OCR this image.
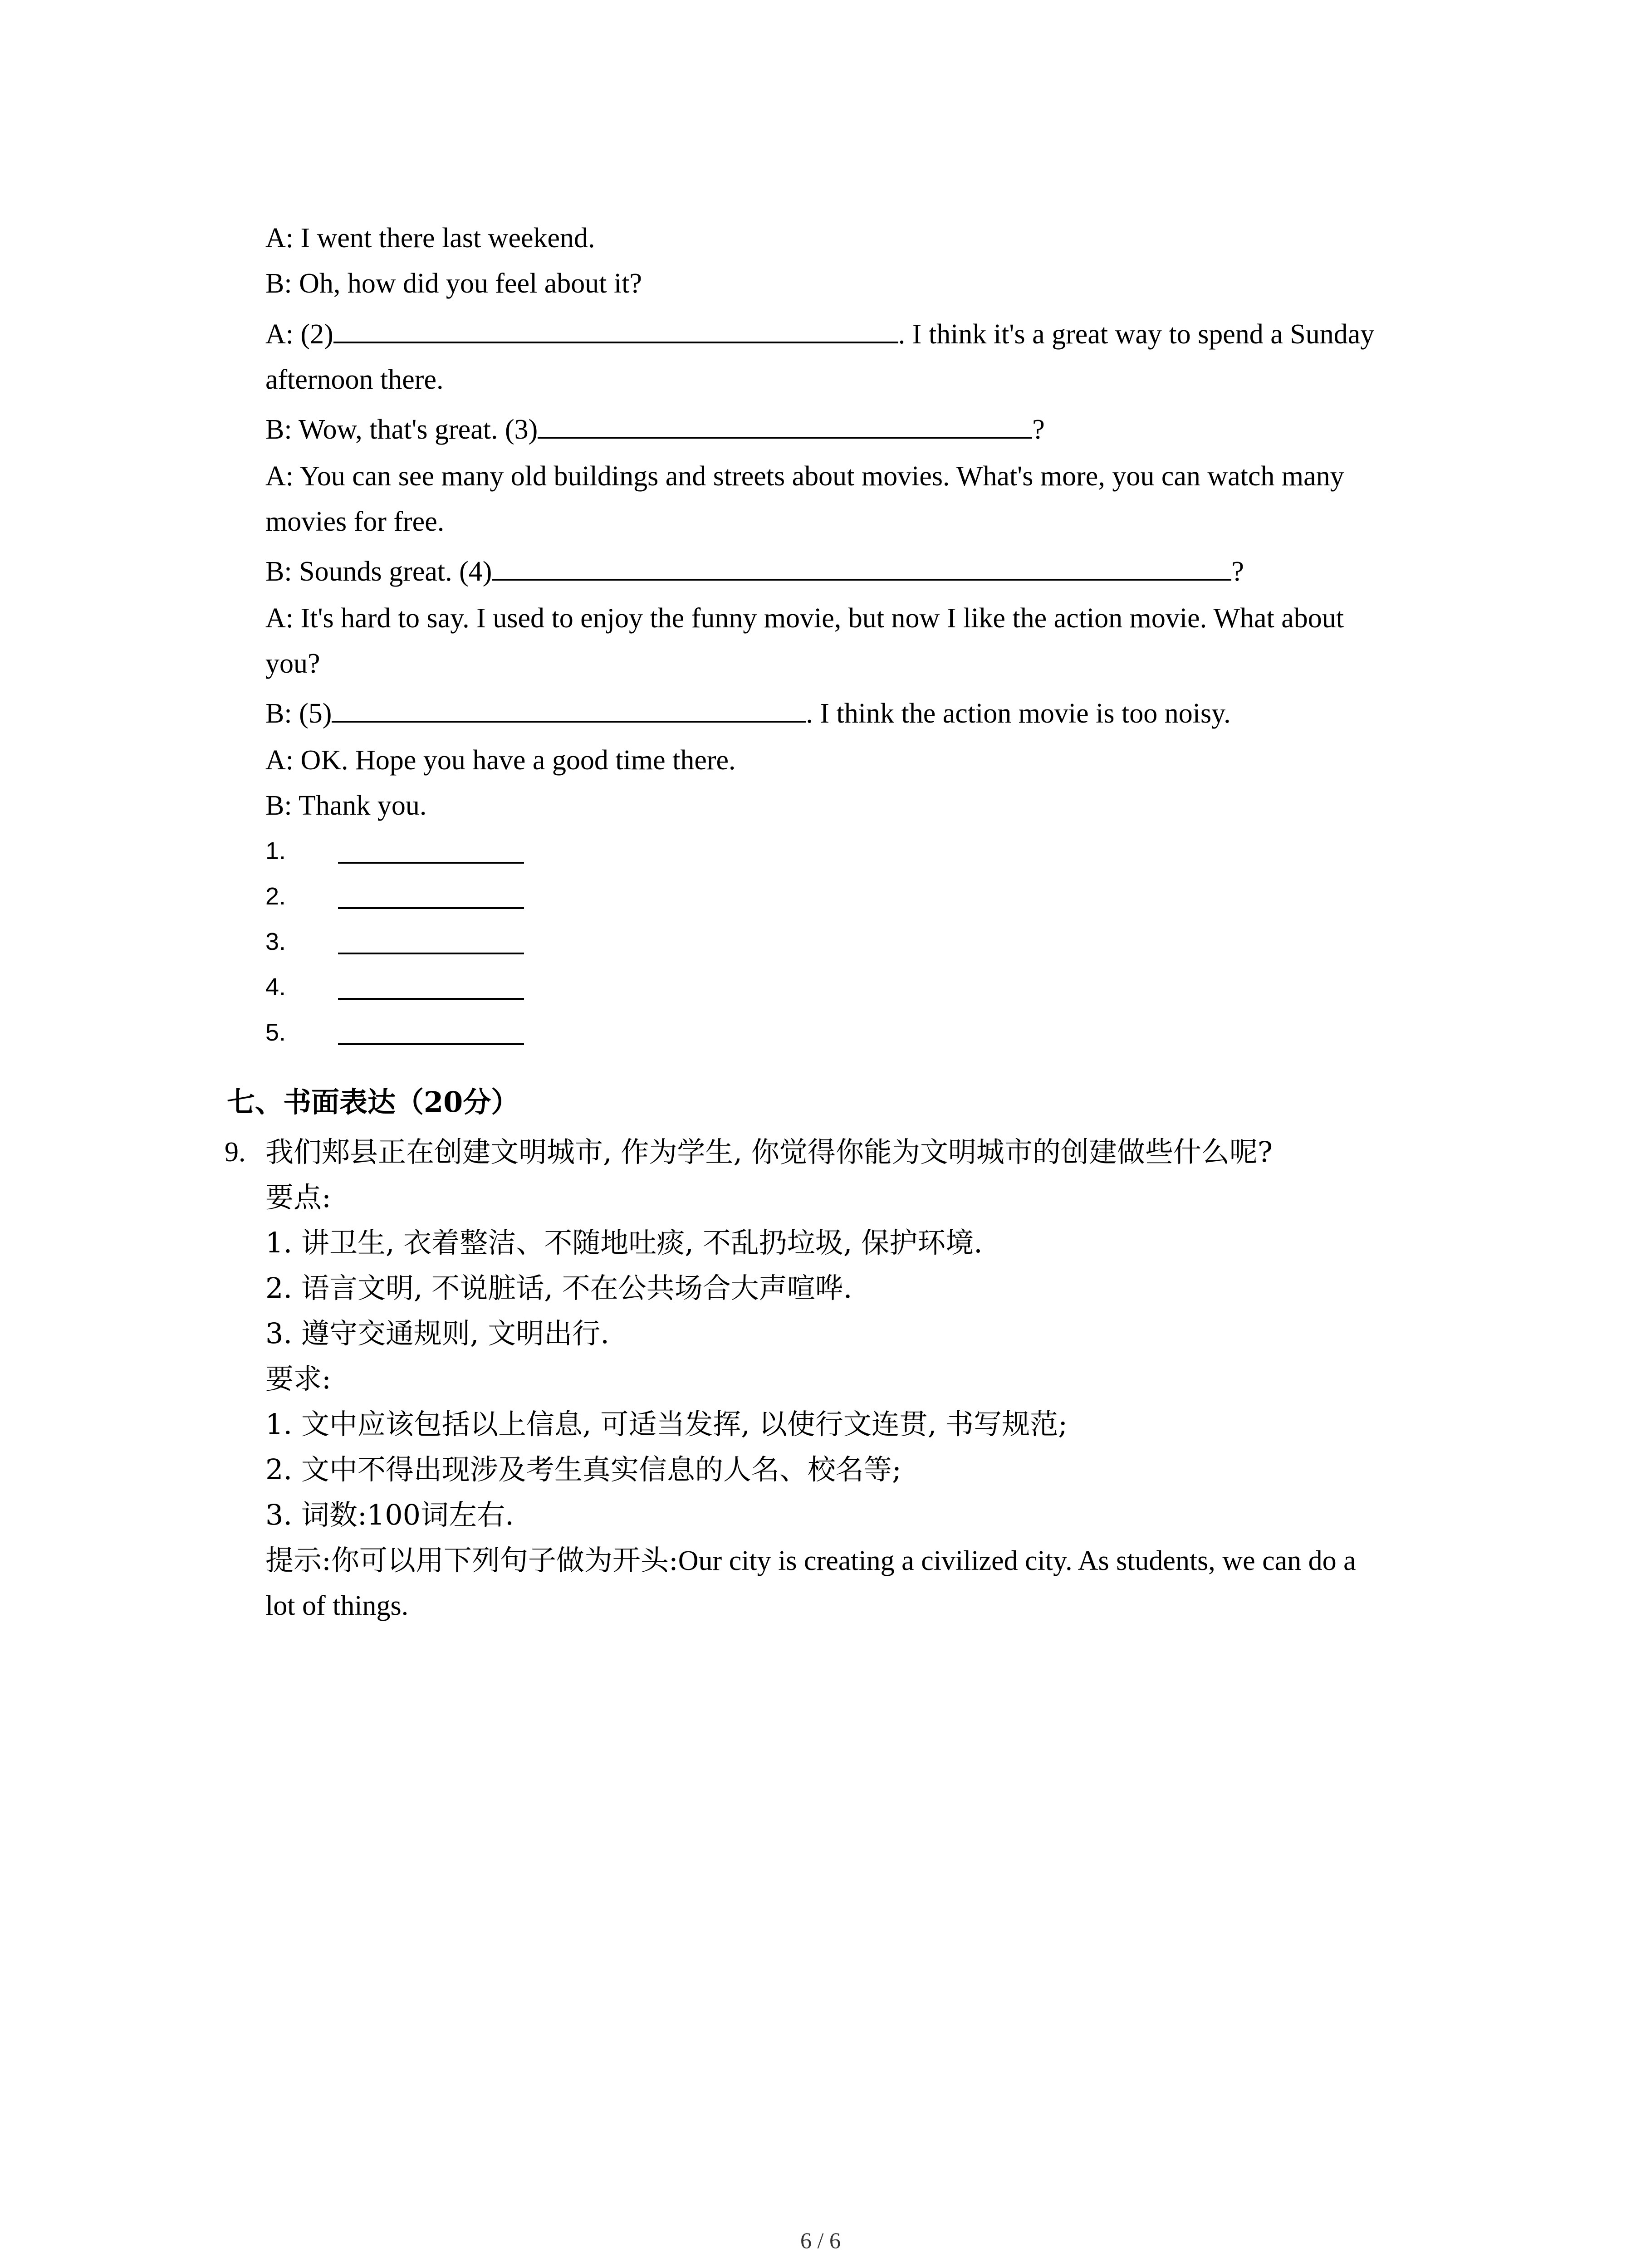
A: I went there last weekend.
B: Oh, how did you feel about it?
A: (2)	. I think it's a great way to spend a Sunday
afternoon there.
B: Wow, that's great. (3)	?
A: You can see many old buildings and streets about movies. What's more, you can watch many
movies for free.
B: Sounds great. (4)	?
A: It's hard to say. I used to enjoy the funny movie, but now I like the action movie. What about
you?
B: (5)	. I think the action movie is too noisy.
A: OK. Hope you have a good time there.
B: Thank you.
1.
2.
3.
4.
5.
七、书面表达（20分）
9. 我们郏县正在创建文明城市, 作为学生, 你觉得你能为文明城市的创建做些什么呢?
要点:
1. 讲卫生, 衣着整洁、不随地吐痰, 不乱扔垃圾, 保护环境.
2. 语言文明, 不说脏话, 不在公共场合大声喧哗.
3. 遵守交通规则, 文明出行.
要求:
1. 文中应该包括以上信息, 可适当发挥, 以使行文连贯, 书写规范;
2. 文中不得出现涉及考生真实信息的人名、校名等;
3. 词数:100词左右.
提示:你可以用下列句子做为开头:Our city is creating a civilized city. As students, we can do a
lot of things.
6 / 6
